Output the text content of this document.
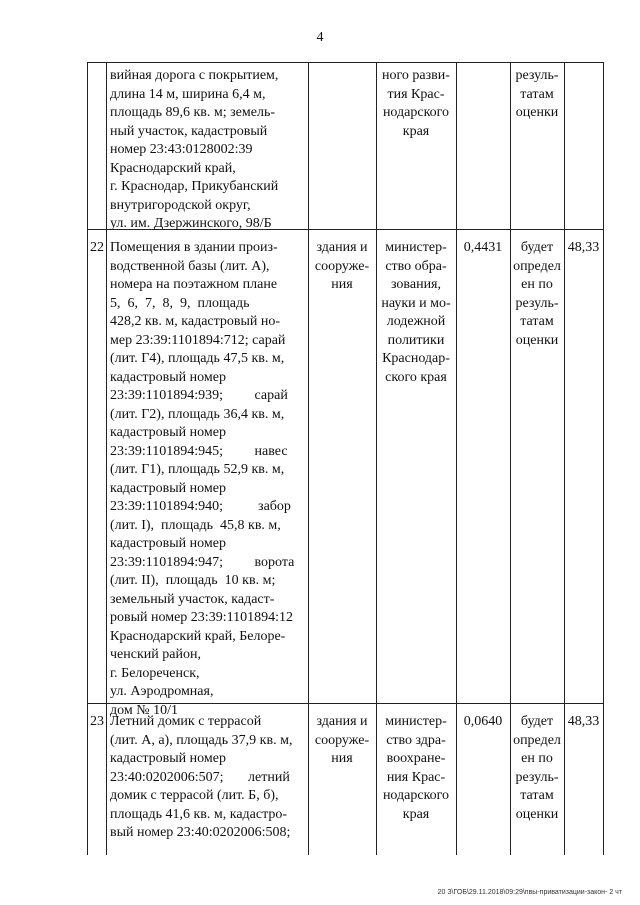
4
вийная дорога с покрытием,
длина 14 м, ширина 6,4 м,
площадь 89,6 кв. м; земель-
ный участок, кадастровый
номер 23:43:0128002:39
Краснодарский край,
г. Краснодар, Прикубанский
внутригородской округ,
ул. им. Дзержинского, 98/Б
ного разви-
тия Крас-
нодарского
края
резуль-
татам
оценки
22 Помещения в здании произ-
водственной базы (лит. А),
номера на поэтажном плане
5,  6,  7,  8,  9,  площадь
428,2 кв. м, кадастровый но-
мер 23:39:1101894:712; сарай
(лит. Г4), площадь 47,5 кв. м,
кадастровый номер
23:39:1101894:939;         сарай
(лит. Г2), площадь 36,4 кв. м,
кадастровый номер
23:39:1101894:945;         навес
(лит. Г1), площадь 52,9 кв. м,
кадастровый номер
23:39:1101894:940;          забор
(лит. I),  площадь  45,8 кв. м,
кадастровый номер
23:39:1101894:947;         ворота
(лит. II),  площадь  10 кв. м;
земельный участок, кадаст-
ровый номер 23:39:1101894:12
Краснодарский край, Белоре-
ченский район,
г. Белореченск,
ул. Аэродромная,
дом № 10/1
здания и
сооруже-
ния
министер-
ство обра-
зования,
науки и мо-
лодежной
политики
Краснодар-
ского края
0,4431	будет
определ
ен по
резуль-
татам
оценки
48,33
23 Летний домик с террасой
(лит. А, а), площадь 37,9 кв. м,
кадастровый номер
23:40:0202006:507;       летний
домик с террасой (лит. Б, б),
площадь 41,6 кв. м, кадастро-
вый номер 23:40:0202006:508;
здания и
сооруже-
ния
министер-
ство здра-
воохране-
ния Крас-
нодарского
края
0,0640	будет
определ
ен по
резуль-
татам
оценки
48,33
20 З\ГОБ\29.11.2018\09:29\пвы-приватизации-закон- 2 чт
